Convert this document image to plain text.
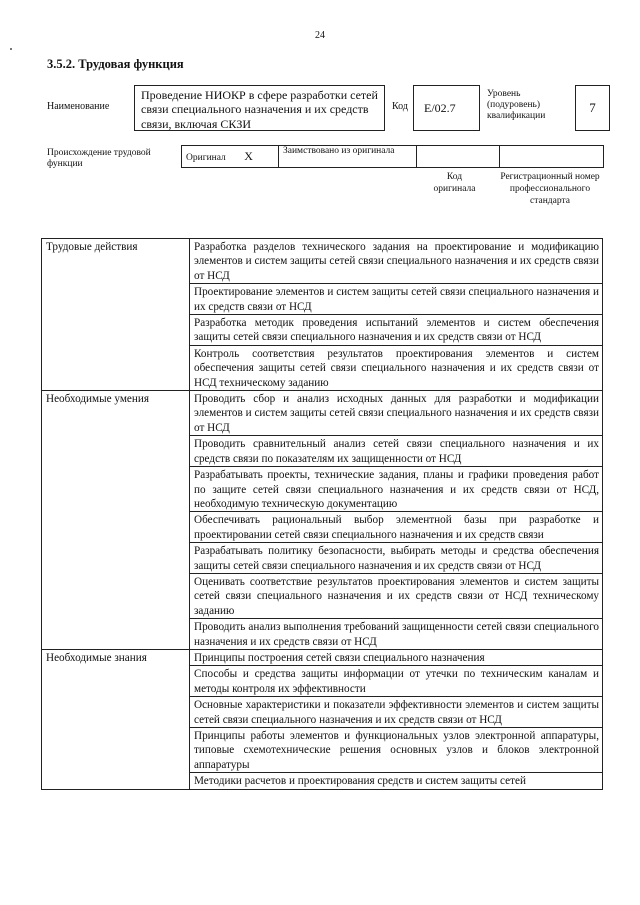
24
3.5.2. Трудовая функция
Наименование
Проведение НИОКР в сфере разработки сетей связи специального назначения и их средств связи, включая СКЗИ
Код	E/02.7
Уровень (подуровень) квалификации
7
Происхождение трудовой функции
Оригинал X	Заимствовано из оригинала		
Код оригинала
Регистрационный номер профессионального стандарта
Трудовые действия	Разработка разделов технического задания на проектирование и модификацию элементов и систем защиты сетей связи специального назначения и их средств связи от НСД
	Проектирование элементов и систем защиты сетей связи специального назначения и их средств связи от НСД
	Разработка методик проведения испытаний элементов и систем обеспечения защиты сетей связи специального назначения и их средств связи от НСД
	Контроль соответствия результатов проектирования элементов и систем обеспечения защиты сетей связи специального назначения и их средств связи от НСД техническому заданию
Необходимые умения	Проводить сбор и анализ исходных данных для разработки и модификации элементов и систем защиты сетей связи специального назначения и их средств связи от НСД
	Проводить сравнительный анализ сетей связи специального назначения и их средств связи по показателям их защищенности от НСД
	Разрабатывать проекты, технические задания, планы и графики проведения работ по защите сетей связи специального назначения и их средств связи от НСД, необходимую техническую документацию
	Обеспечивать рациональный выбор элементной базы при разработке и проектировании сетей связи специального назначения и их средств связи
	Разрабатывать политику безопасности, выбирать методы и средства обеспечения защиты сетей связи специального назначения и их средств связи от НСД
	Оценивать соответствие результатов проектирования элементов и систем защиты сетей связи специального назначения и их средств связи от НСД техническому заданию
	Проводить анализ выполнения требований защищенности сетей связи специального назначения и их средств связи от НСД
Необходимые знания	Принципы построения сетей связи специального назначения
	Способы и средства защиты информации от утечки по техническим каналам и методы контроля их эффективности
	Основные характеристики и показатели эффективности элементов и систем защиты сетей связи специального назначения и их средств связи от НСД
	Принципы работы элементов и функциональных узлов электронной аппаратуры, типовые схемотехнические решения основных узлов и блоков электронной аппаратуры
	Методики расчетов и проектирования средств и систем защиты сетей
